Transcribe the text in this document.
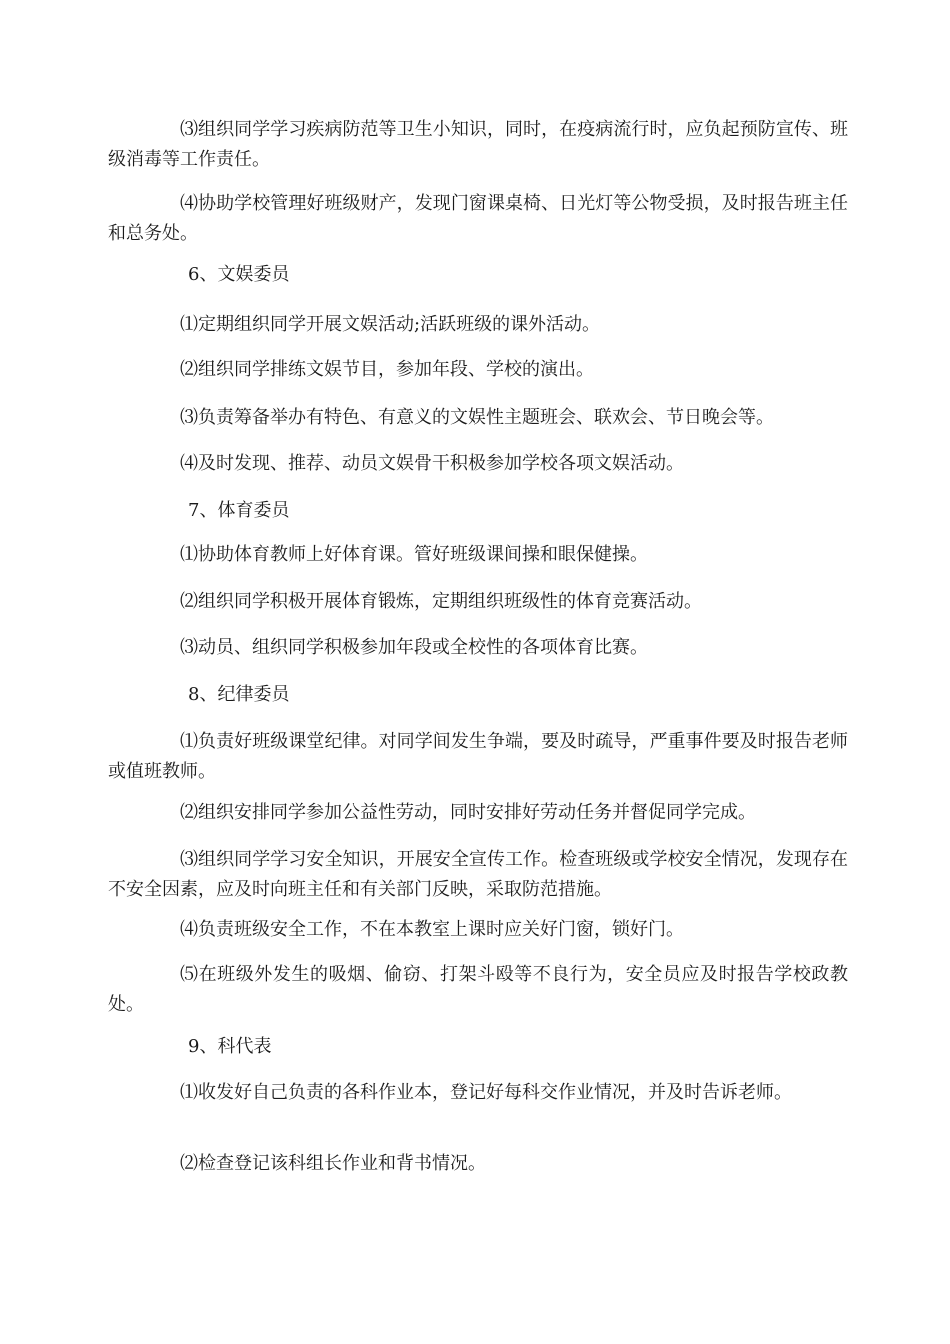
⑶组织同学学习疾病防范等卫生小知识，同时，在疫病流行时，应负起预防宣传、班级消毒等工作责任。

⑷协助学校管理好班级财产，发现门窗课桌椅、日光灯等公物受损，及时报告班主任和总务处。

6、文娱委员

⑴定期组织同学开展文娱活动;活跃班级的课外活动。

⑵组织同学排练文娱节目，参加年段、学校的演出。

⑶负责筹备举办有特色、有意义的文娱性主题班会、联欢会、节日晚会等。

⑷及时发现、推荐、动员文娱骨干积极参加学校各项文娱活动。

7、体育委员

⑴协助体育教师上好体育课。管好班级课间操和眼保健操。

⑵组织同学积极开展体育锻炼，定期组织班级性的体育竞赛活动。

⑶动员、组织同学积极参加年段或全校性的各项体育比赛。

8、纪律委员

⑴负责好班级课堂纪律。对同学间发生争端，要及时疏导，严重事件要及时报告老师或值班教师。

⑵组织安排同学参加公益性劳动，同时安排好劳动任务并督促同学完成。

⑶组织同学学习安全知识，开展安全宣传工作。检查班级或学校安全情况，发现存在不安全因素，应及时向班主任和有关部门反映，采取防范措施。

⑷负责班级安全工作，不在本教室上课时应关好门窗，锁好门。

⑸在班级外发生的吸烟、偷窃、打架斗殴等不良行为，安全员应及时报告学校政教处。

9、科代表

⑴收发好自己负责的各科作业本，登记好每科交作业情况，并及时告诉老师。

⑵检查登记该科组长作业和背书情况。
